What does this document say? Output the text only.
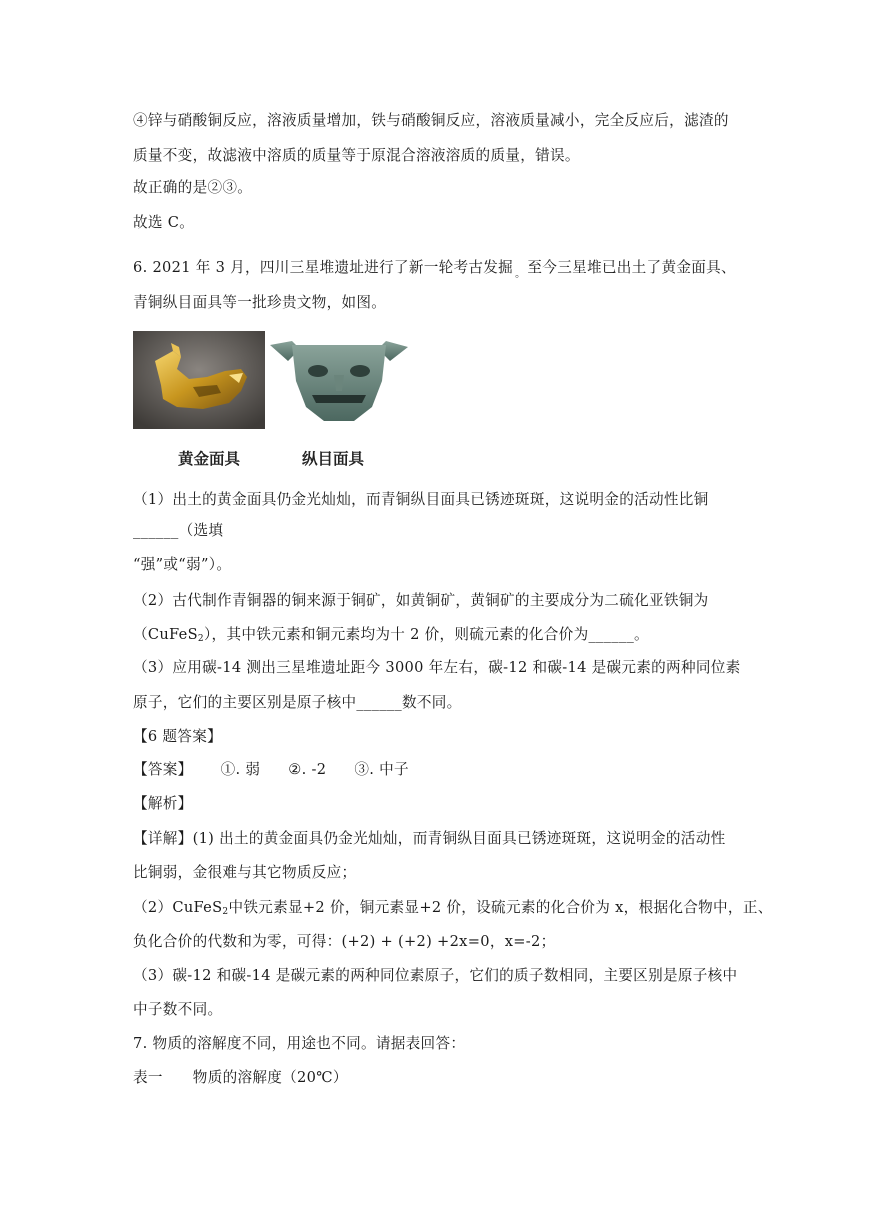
④锌与硝酸铜反应，溶液质量增加，铁与硝酸铜反应，溶液质量减小，完全反应后，滤渣的
质量不变，故滤液中溶质的质量等于原混合溶液溶质的质量，错误。
故正确的是②③。
故选 C。
6. 2021 年 3 月，四川三星堆遗址进行了新一轮考古发掘 $_。$ 至今三星堆已出土了黄金面具、
青铜纵目面具等一批珍贵文物，如图。
黄金面具	纵目面具
（1）出土的黄金面具仍金光灿灿，而青铜纵目面具已锈迹斑斑，这说明金的活动性比铜
______（选填
“强”或“弱”）。
（2）古代制作青铜器的铜来源于铜矿，如黄铜矿，黄铜矿的主要成分为二硫化亚铁铜为
（CuFeS$_2$），其中铁元素和铜元素均为十 2 价，则硫元素的化合价为______。
（3）应用碳-14 测出三星堆遗址距今 3000 年左右，碳-12 和碳-14 是碳元素的两种同位素
原子，它们的主要区别是原子核中______数不同。
【6 题答案】
【答案】 ①. 弱 ②. -2 ③. 中子
【解析】
【详解】(1) 出土的黄金面具仍金光灿灿，而青铜纵目面具已锈迹斑斑，这说明金的活动性
比铜弱，金很难与其它物质反应；
（2）CuFeS$_2$中铁元素显+2 价，铜元素显+2 价，设硫元素的化合价为 x，根据化合物中，正、
负化合价的代数和为零，可得：(+2) + (+2) +2x=0，x=-2；
（3）碳-12 和碳-14 是碳元素的两种同位素原子，它们的质子数相同，主要区别是原子核中
中子数不同。
7. 物质的溶解度不同，用途也不同。请据表回答：
表一 物质的溶解度（20℃）
